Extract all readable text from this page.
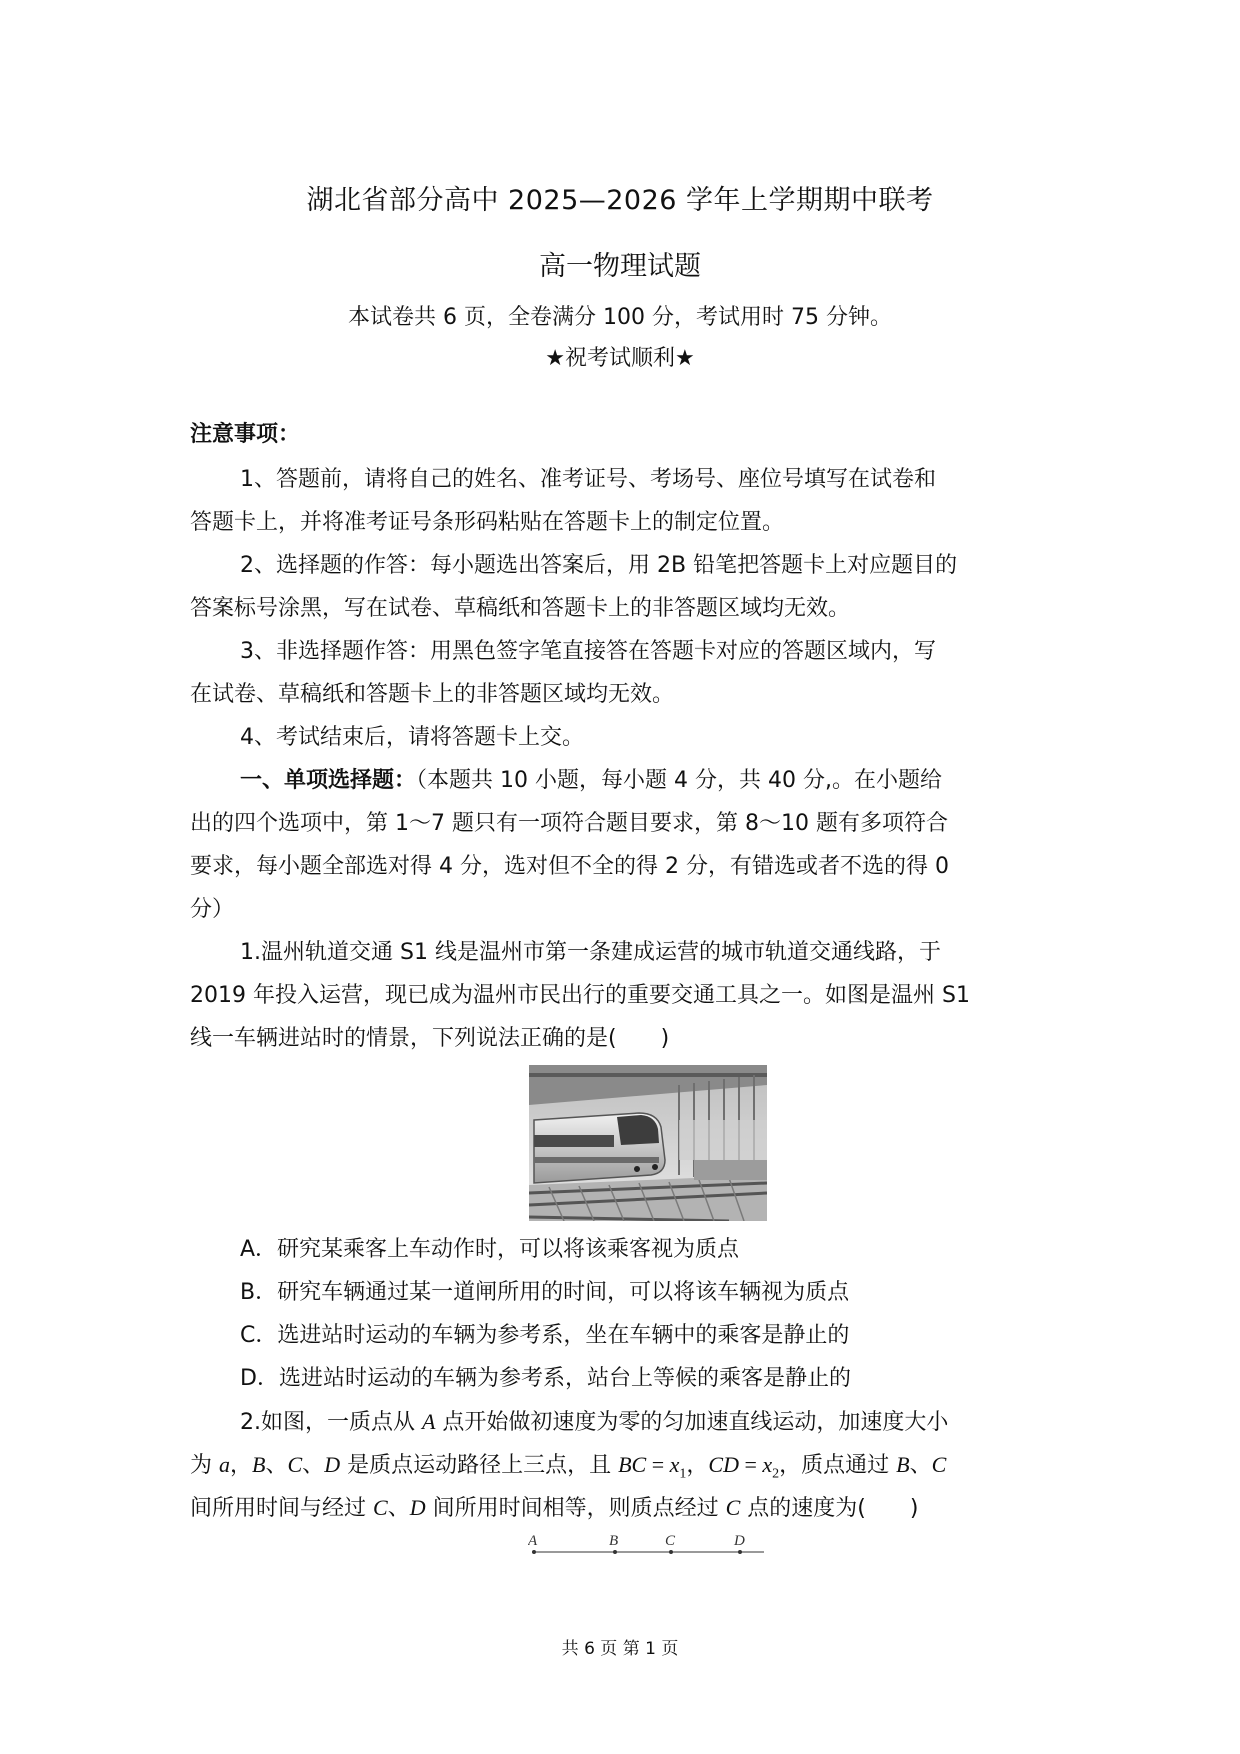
湖北省部分高中 2025—2026 学年上学期期中联考
高一物理试题
本试卷共 6 页，全卷满分 100 分，考试用时 75 分钟。
★祝考试顺利★
注意事项：
1、答题前，请将自己的姓名、准考证号、考场号、座位号填写在试卷和
答题卡上，并将准考证号条形码粘贴在答题卡上的制定位置。
2、选择题的作答：每小题选出答案后，用 2B 铅笔把答题卡上对应题目的
答案标号涂黑，写在试卷、草稿纸和答题卡上的非答题区域均无效。
3、非选择题作答：用黑色签字笔直接答在答题卡对应的答题区域内，写
在试卷、草稿纸和答题卡上的非答题区域均无效。
4、考试结束后，请将答题卡上交。
一、单项选择题：（本题共 10 小题，每小题 4 分，共 40 分,。在小题给
出的四个选项中，第 1～7 题只有一项符合题目要求，第 8～10 题有多项符合
要求，每小题全部选对得 4 分，选对但不全的得 2 分，有错选或者不选的得 0
分）
1.温州轨道交通 S1 线是温州市第一条建成运营的城市轨道交通线路，于
2019 年投入运营，现已成为温州市民出行的重要交通工具之一。如图是温州 S1
线一车辆进站时的情景，下列说法正确的是(　　)
A．研究某乘客上车动作时，可以将该乘客视为质点
B．研究车辆通过某一道闸所用的时间，可以将该车辆视为质点
C．选进站时运动的车辆为参考系，坐在车辆中的乘客是静止的
D．选进站时运动的车辆为参考系，站台上等候的乘客是静止的
2.如图，一质点从 A 点开始做初速度为零的匀加速直线运动，加速度大小
为 a，B、C、D 是质点运动路径上三点，且 BC = $x_1$，CD = $x_2$，质点通过 B、C
间所用时间与经过 C、D 间所用时间相等，则质点经过 C 点的速度为(　　)
A	B	C	D
共 6 页 第 1 页
